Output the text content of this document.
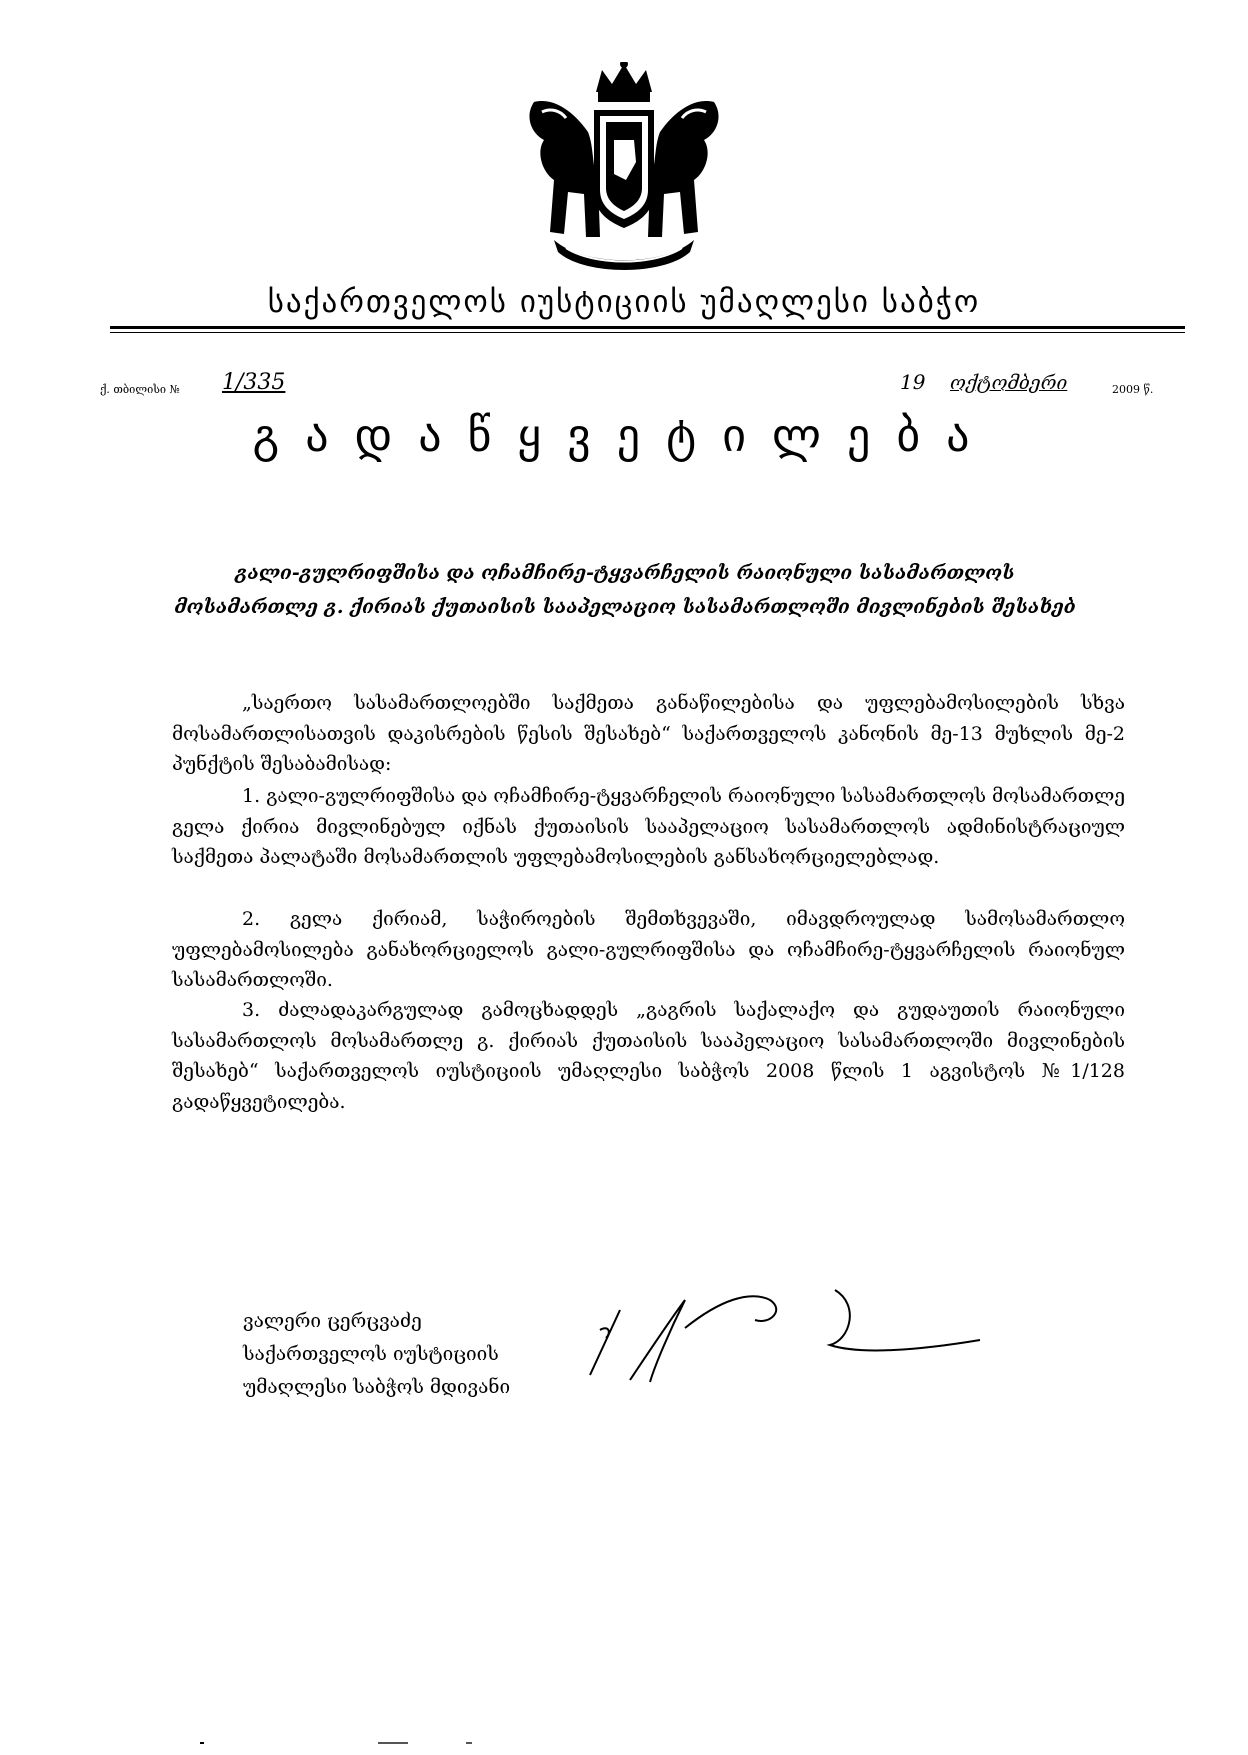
საქართველოს იუსტიციის უმაღლესი საბჭო
ქ. თბილისი № 1/335	19 ოქტომბერი	2009 წ.
გადაწყვეტილება
გალი-გულრიფშისა და ოჩამჩირე-ტყვარჩელის რაიონული სასამართლოს
მოსამართლე გ. ქირიას ქუთაისის სააპელაციო სასამართლოში მივლინების შესახებ
„საერთო სასამართლოებში საქმეთა განაწილებისა და უფლებამოსილების სხვა მოსამართლისათვის დაკისრების წესის შესახებ“ საქართველოს კანონის მე-13 მუხლის მე-2 პუნქტის შესაბამისად:
1. გალი-გულრიფშისა და ოჩამჩირე-ტყვარჩელის რაიონული სასამართლოს მოსამართლე გელა ქირია მივლინებულ იქნას ქუთაისის სააპელაციო სასამართლოს ადმინისტრაციულ საქმეთა პალატაში მოსამართლის უფლებამოსილების განსახორციელებლად.
2. გელა ქირიამ, საჭიროების შემთხვევაში, იმავდროულად სამოსამართლო უფლებამოსილება განახორციელოს გალი-გულრიფშისა და ოჩამჩირე-ტყვარჩელის რაიონულ სასამართლოში.
3. ძალადაკარგულად გამოცხადდეს „გაგრის საქალაქო და გუდაუთის რაიონული სასამართლოს მოსამართლე გ. ქირიას ქუთაისის სააპელაციო სასამართლოში მივლინების შესახებ“ საქართველოს იუსტიციის უმაღლესი საბჭოს 2008 წლის 1 აგვისტოს №1/128 გადაწყვეტილება.
ვალერი ცერცვაძე
საქართველოს იუსტიციის
უმაღლესი საბჭოს მდივანი
